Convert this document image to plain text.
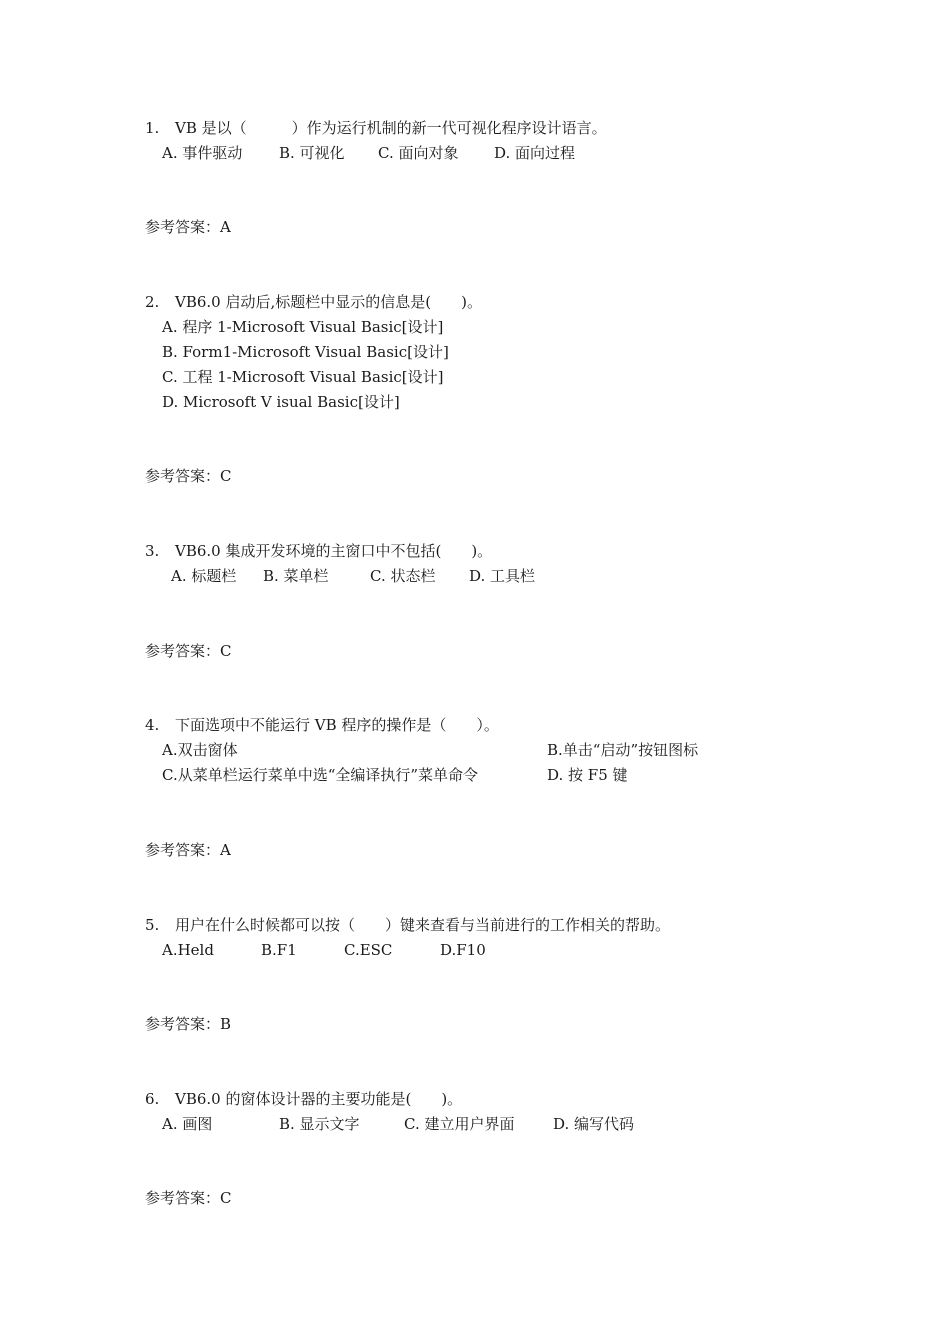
1. VB 是以（　　　）作为运行机制的新一代可视化程序设计语言。
A. 事件驱动 B. 可视化 C. 面向对象 D. 面向过程
参考答案：A
2. VB6.0 启动后,标题栏中显示的信息是(　　)。
A. 程序 1-Microsoft Visual Basic[设计]
B. Form1-Microsoft Visual Basic[设计]
C. 工程 1-Microsoft Visual Basic[设计]
D. Microsoft V isual Basic[设计]
参考答案：C
3. VB6.0 集成开发环境的主窗口中不包括(　　)。
A. 标题栏 B. 菜单栏	C. 状态栏 D. 工具栏
参考答案：C
4. 下面选项中不能运行 VB 程序的操作是（　　）。
A.双击窗体	B.单击“启动”按钮图标
C.从菜单栏运行菜单中选“全编译执行”菜单命令	D. 按 F5 键
参考答案：A
5. 用户在什么时候都可以按（　　）键来查看与当前进行的工作相关的帮助。
A.Held	B.F1	C.ESC	D.F10
参考答案：B
6. VB6.0 的窗体设计器的主要功能是(　　)。
A. 画图	B. 显示文字	C. 建立用户界面	D. 编写代码
参考答案：C
